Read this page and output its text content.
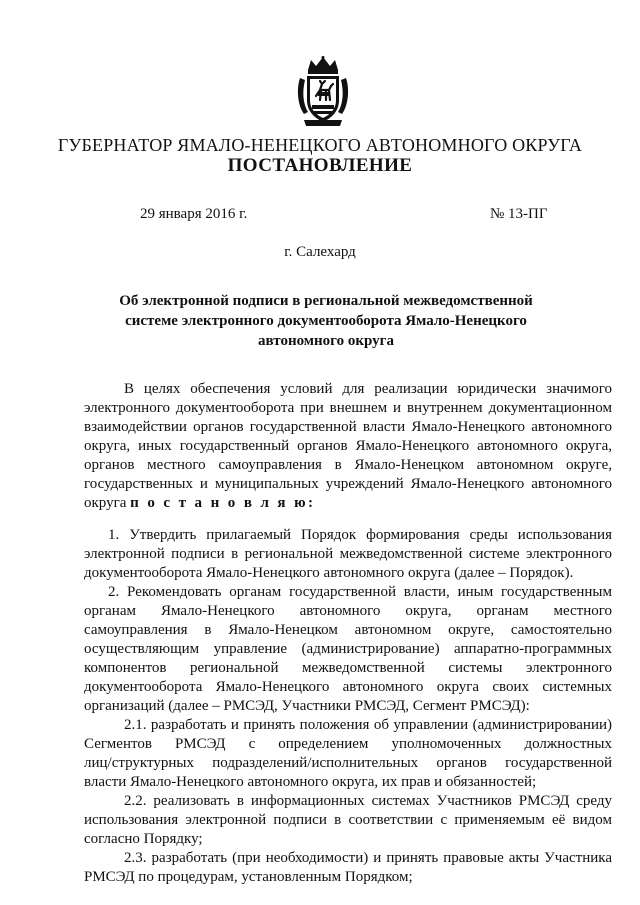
ГУБЕРНАТОР ЯМАЛО-НЕНЕЦКОГО АВТОНОМНОГО ОКРУГА
ПОСТАНОВЛЕНИЕ
29 января 2016 г.	№ 13-ПГ
г. Салехард
Об электронной подписи в региональной межведомственной
системе электронного документооборота Ямало-Ненецкого
автономного округа
В целях обеспечения условий для реализации юридически значимого
электронного документооборота при внешнем и внутреннем документационном
взаимодействии органов государственной власти Ямало-Ненецкого автономного
округа, иных государственный органов Ямало-Ненецкого автономного округа,
органов местного самоуправления в Ямало-Ненецком автономном округе,
государственных и муниципальных учреждений Ямало-Ненецкого автономного
округа п о с т а н о в л я ю:
1. Утвердить прилагаемый Порядок формирования среды использования
электронной подписи в региональной межведомственной системе электронного
документооборота Ямало-Ненецкого автономного округа (далее – Порядок).
2. Рекомендовать органам государственной власти, иным государственным
органам Ямало-Ненецкого автономного округа, органам местного
самоуправления в Ямало-Ненецком автономном округе, самостоятельно
осуществляющим управление (администрирование) аппаратно-программных
компонентов региональной межведомственной системы электронного
документооборота Ямало-Ненецкого автономного округа своих системных
организаций (далее – РМСЭД, Участники РМСЭД, Сегмент РМСЭД):
2.1. разработать и принять положения об управлении (администрировании)
Сегментов РМСЭД с определением уполномоченных должностных
лиц/структурных подразделений/исполнительных органов государственной
власти Ямало-Ненецкого автономного округа, их прав и обязанностей;
2.2. реализовать в информационных системах Участников РМСЭД среду
использования электронной подписи в соответствии с применяемым её видом
согласно Порядку;
2.3. разработать (при необходимости) и принять правовые акты Участника
РМСЭД по процедурам, установленным Порядком;
